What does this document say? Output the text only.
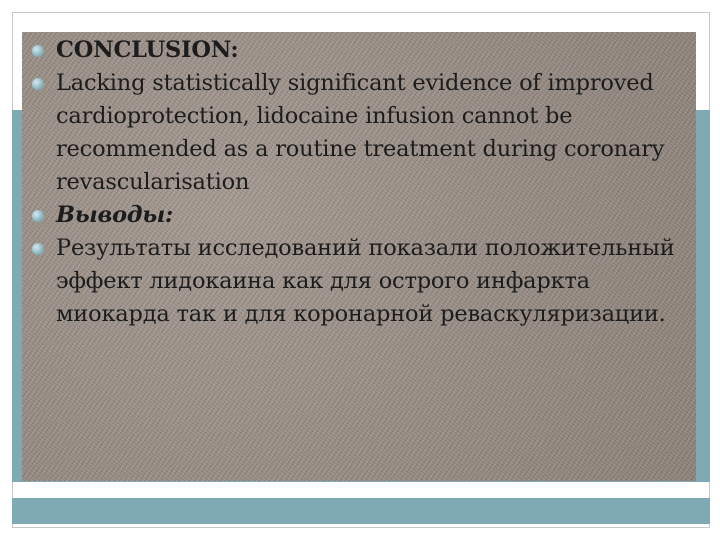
CONCLUSION:
Lacking statistically significant evidence of improved cardioprotection, lidocaine infusion cannot be recommended as a routine treatment during coronary revascularisation
Выводы:
Результаты исследований показали положительный эффект лидокаина как для острого инфаркта миокарда так и для коронарной реваскуляризации.
